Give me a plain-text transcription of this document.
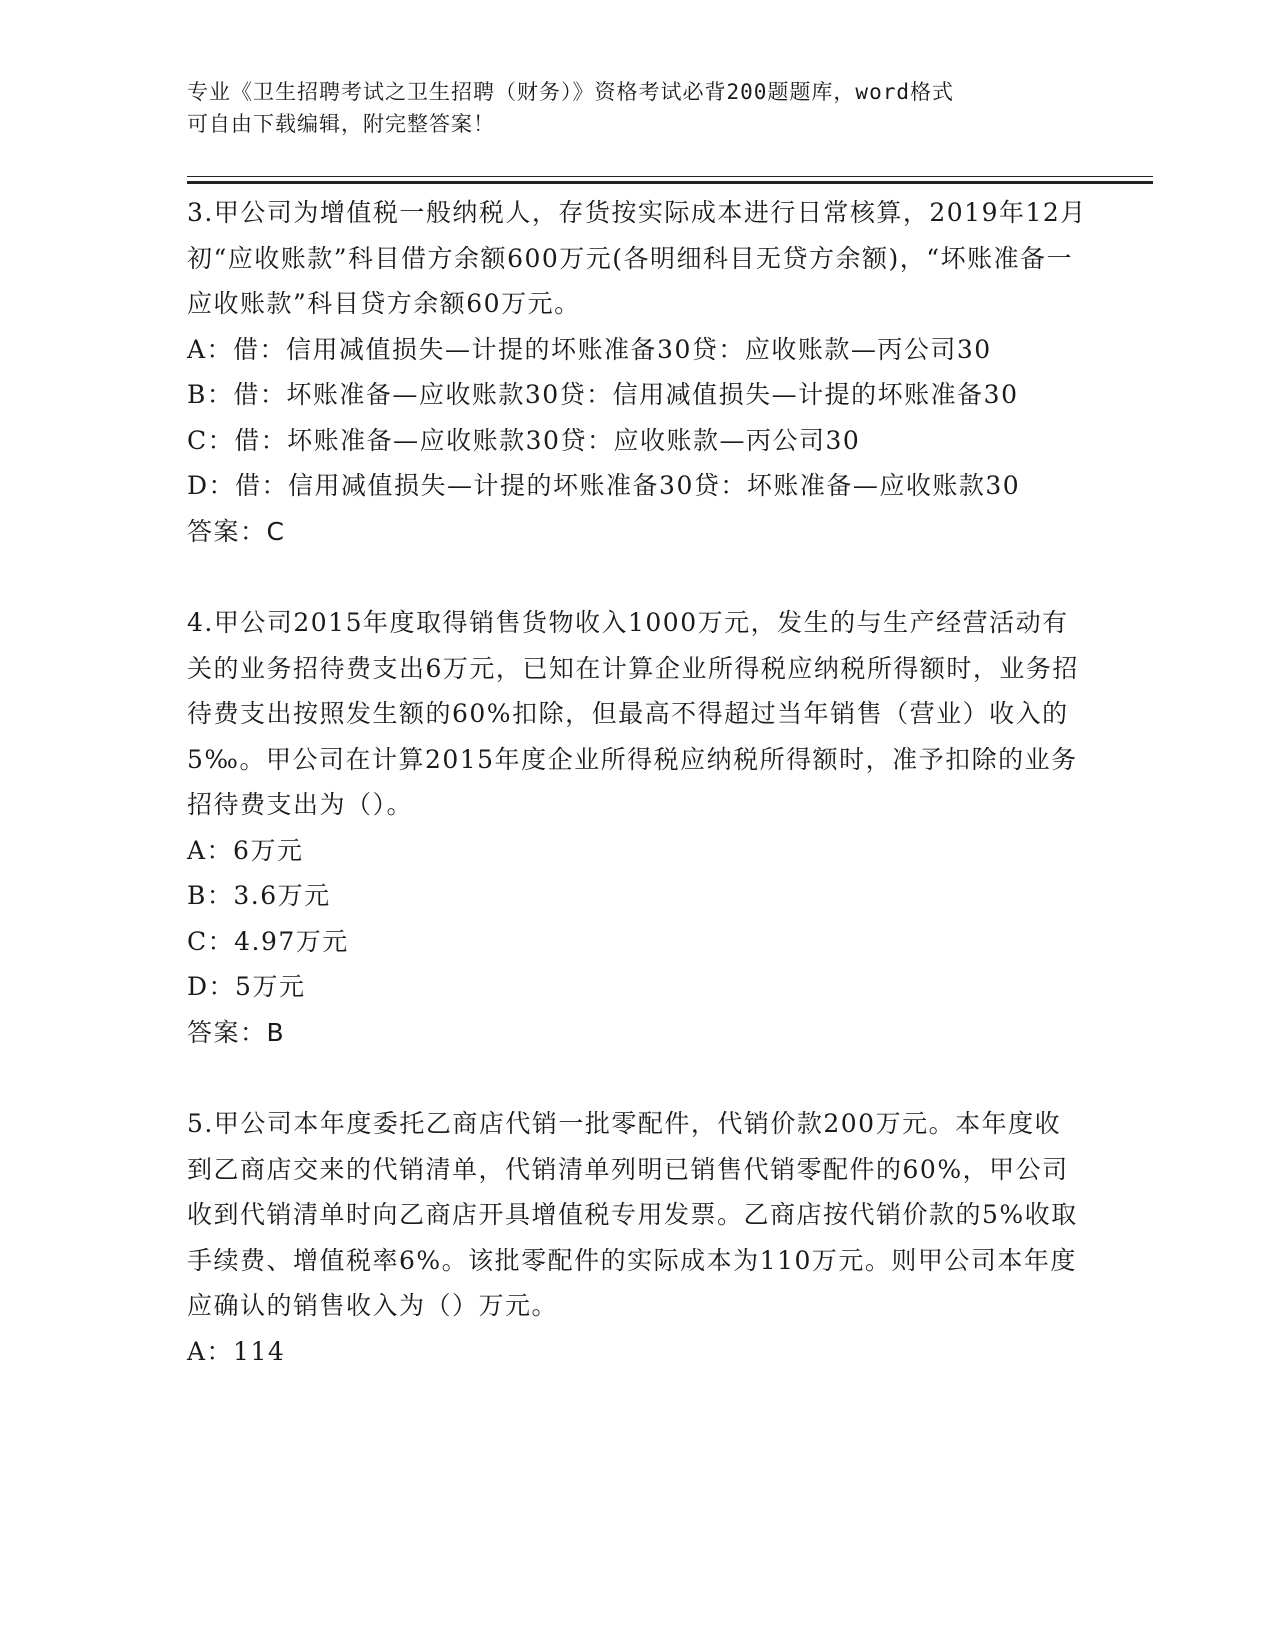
专业《卫生招聘考试之卫生招聘（财务）》资格考试必背200题题库，word格式
可自由下载编辑，附完整答案！

3.甲公司为增值税一般纳税人，存货按实际成本进行日常核算，2019年12月初“应收账款”科目借方余额600万元(各明细科目无贷方余额)，“坏账准备一应收账款”科目贷方余额60万元。

A：借：信用减值损失—计提的坏账准备30贷：应收账款—丙公司30

B：借：坏账准备—应收账款30贷：信用减值损失—计提的坏账准备30

C：借：坏账准备—应收账款30贷：应收账款—丙公司30

D：借：信用减值损失—计提的坏账准备30贷：坏账准备—应收账款30

答案：C

4.甲公司2015年度取得销售货物收入1000万元，发生的与生产经营活动有关的业务招待费支出6万元，已知在计算企业所得税应纳税所得额时，业务招待费支出按照发生额的60%扣除，但最高不得超过当年销售（营业）收入的5‰。甲公司在计算2015年度企业所得税应纳税所得额时，准予扣除的业务招待费支出为（）。

A：6万元

B：3.6万元

C：4.97万元

D：5万元

答案：B

5.甲公司本年度委托乙商店代销一批零配件，代销价款200万元。本年度收到乙商店交来的代销清单，代销清单列明已销售代销零配件的60%，甲公司收到代销清单时向乙商店开具增值税专用发票。乙商店按代销价款的5%收取手续费、增值税率6%。该批零配件的实际成本为110万元。则甲公司本年度应确认的销售收入为（）万元。

A：114
